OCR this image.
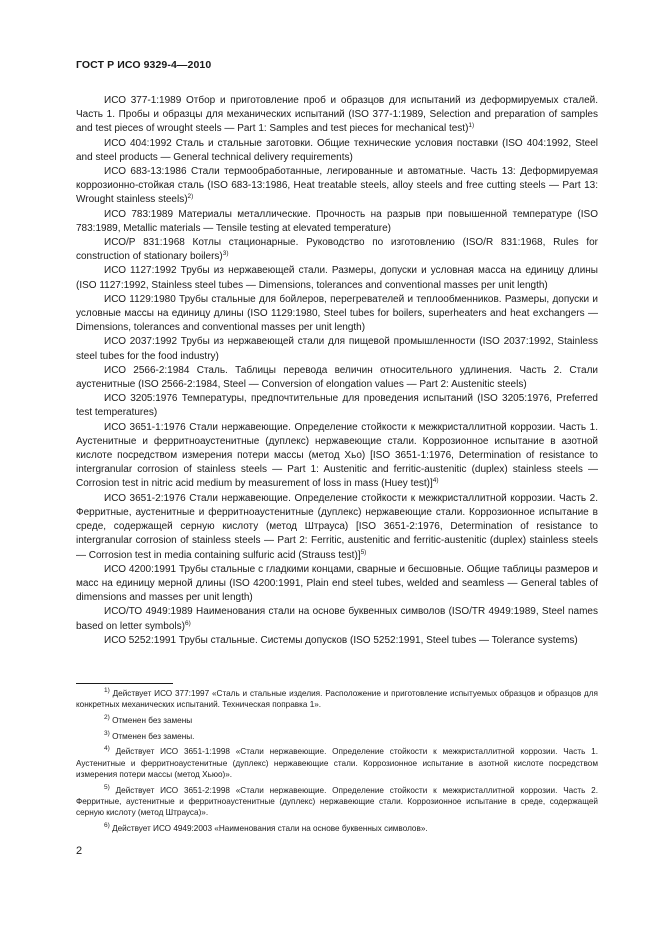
ГОСТ Р ИСО 9329-4—2010

ИСО 377-1:1989 Отбор и приготовление проб и образцов для испытаний из деформируемых сталей. Часть 1. Пробы и образцы для механических испытаний (ISO 377-1:1989, Selection and preparation of samples and test pieces of wrought steels — Part 1: Samples and test pieces for mechanical test)$^{1)}$

ИСО 404:1992 Сталь и стальные заготовки. Общие технические условия поставки (ISO 404:1992, Steel and steel products — General technical delivery requirements)

ИСО 683-13:1986 Стали термообработанные, легированные и автоматные. Часть 13: Деформируемая коррозионно-стойкая сталь (ISO 683-13:1986, Heat treatable steels, alloy steels and free cutting steels — Part 13: Wrought stainless steels)$^{2)}$

ИСО 783:1989 Материалы металлические. Прочность на разрыв при повышенной температуре (ISO 783:1989, Metallic materials — Tensile testing at elevated temperature)

ИСО/Р 831:1968 Котлы стационарные. Руководство по изготовлению (ISO/R 831:1968, Rules for construction of stationary boilers)$^{3)}$

ИСО 1127:1992 Трубы из нержавеющей стали. Размеры, допуски и условная масса на единицу длины (ISO 1127:1992, Stainless steel tubes — Dimensions, tolerances and conventional masses per unit length)

ИСО 1129:1980 Трубы стальные для бойлеров, перегревателей и теплообменников. Размеры, допуски и условные массы на единицу длины (ISO 1129:1980, Steel tubes for boilers, superheaters and heat exchangers — Dimensions, tolerances and conventional masses per unit length)

ИСО 2037:1992 Трубы из нержавеющей стали для пищевой промышленности (ISO 2037:1992, Stainless steel tubes for the food industry)

ИСО 2566-2:1984 Сталь. Таблицы перевода величин относительного удлинения. Часть 2. Стали аустенитные (ISO 2566-2:1984, Steel — Conversion of elongation values — Part 2: Austenitic steels)

ИСО 3205:1976 Температуры, предпочтительные для проведения испытаний (ISO 3205:1976, Preferred test temperatures)

ИСО 3651-1:1976 Стали нержавеющие. Определение стойкости к межкристаллитной коррозии. Часть 1. Аустенитные и ферритноаустенитные (дуплекс) нержавеющие стали. Коррозионное испытание в азотной кислоте посредством измерения потери массы (метод Хьо) [ISO 3651-1:1976, Determination of resistance to intergranular corrosion of stainless steels — Part 1: Austenitic and ferritic-austenitic (duplex) stainless steels — Corrosion test in nitric acid medium by measurement of loss in mass (Huey test)]$^{4)}$

ИСО 3651-2:1976 Стали нержавеющие. Определение стойкости к межкристаллитной коррозии. Часть 2. Ферритные, аустенитные и ферритноаустенитные (дуплекс) нержавеющие стали. Коррозионное испытание в среде, содержащей серную кислоту (метод Штрауса) [ISO 3651-2:1976, Determination of resistance to intergranular corrosion of stainless steels — Part 2: Ferritic, austenitic and ferritic-austenitic (duplex) stainless steels — Corrosion test in media containing sulfuric acid (Strauss test)]$^{5)}$

ИСО 4200:1991 Трубы стальные с гладкими концами, сварные и бесшовные. Общие таблицы размеров и масс на единицу мерной длины (ISO 4200:1991, Plain end steel tubes, welded and seamless — General tables of dimensions and masses per unit length)

ИСО/ТО 4949:1989 Наименования стали на основе буквенных символов (ISO/TR 4949:1989, Steel names based on letter symbols)$^{6)}$

ИСО 5252:1991 Трубы стальные. Системы допусков (ISO 5252:1991, Steel tubes — Tolerance systems)

$^{1)}$ Действует ИСО 377:1997 «Сталь и стальные изделия. Расположение и приготовление испытуемых образцов и образцов для конкретных механических испытаний. Техническая поправка 1».

$^{2)}$ Отменен без замены

$^{3)}$ Отменен без замены.

$^{4)}$ Действует ИСО 3651-1:1998 «Стали нержавеющие. Определение стойкости к межкристаллитной коррозии. Часть 1. Аустенитные и ферритноаустенитные (дуплекс) нержавеющие стали. Коррозионное испытание в азотной кислоте посредством измерения потери массы (метод Хьюо)».

$^{5)}$ Действует ИСО 3651-2:1998 «Стали нержавеющие. Определение стойкости к межкристаллитной коррозии. Часть 2. Ферритные, аустенитные и ферритноаустенитные (дуплекс) нержавеющие стали. Коррозионное испытание в среде, содержащей серную кислоту (метод Штрауса)».

$^{6)}$ Действует ИСО 4949:2003 «Наименования стали на основе буквенных символов».

2
